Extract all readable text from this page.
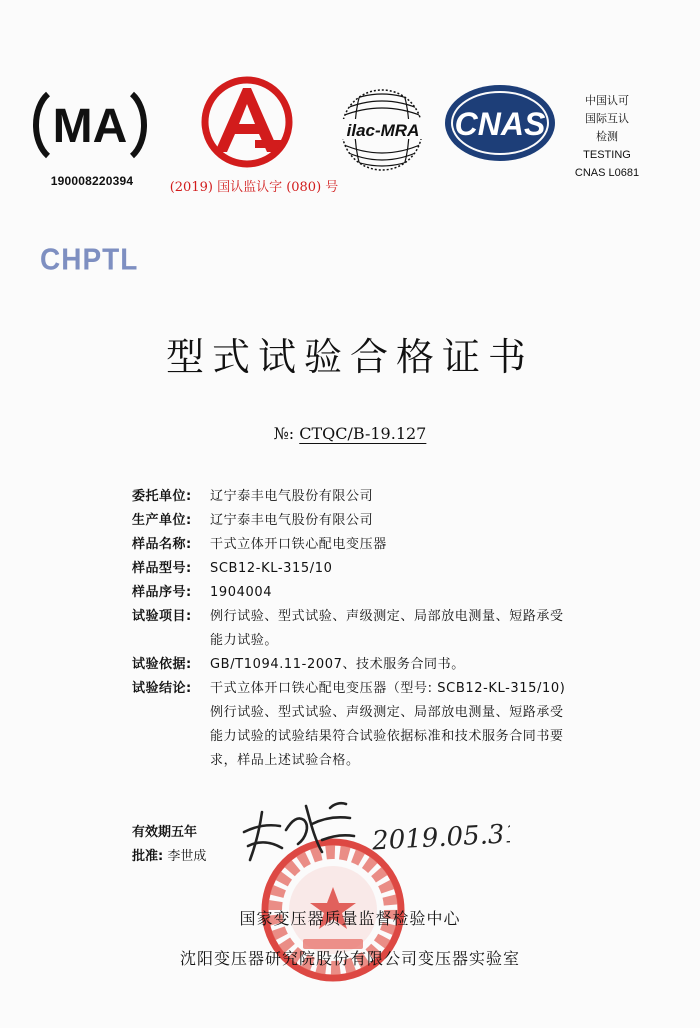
MA
190008220394
A
(2019) 国认监认字 (080) 号
ilac-MRA CNAS
中国认可
国际互认
检测
TESTING
CNAS L0681
CHPTL
型式试验合格证书
№: CTQC/B-19.127
委托单位:	辽宁泰丰电气股份有限公司
生产单位:	辽宁泰丰电气股份有限公司
样品名称:	干式立体开口铁心配电变压器
样品型号:	SCB12-KL-315/10
样品序号:	1904004
试验项目:	例行试验、型式试验、声级测定、局部放电测量、短路承受
能力试验。
试验依据:	GB/T1094.11-2007、技术服务合同书。
试验结论:	干式立体开口铁心配电变压器（型号: SCB12-KL-315/10)
例行试验、型式试验、声级测定、局部放电测量、短路承受
能力试验的试验结果符合试验依据标准和技术服务合同书要
求，样品上述试验合格。
有效期五年
批准: 李世成	2019.05.31
国家变压器质量监督检验中心
沈阳变压器研究院股份有限公司变压器实验室
